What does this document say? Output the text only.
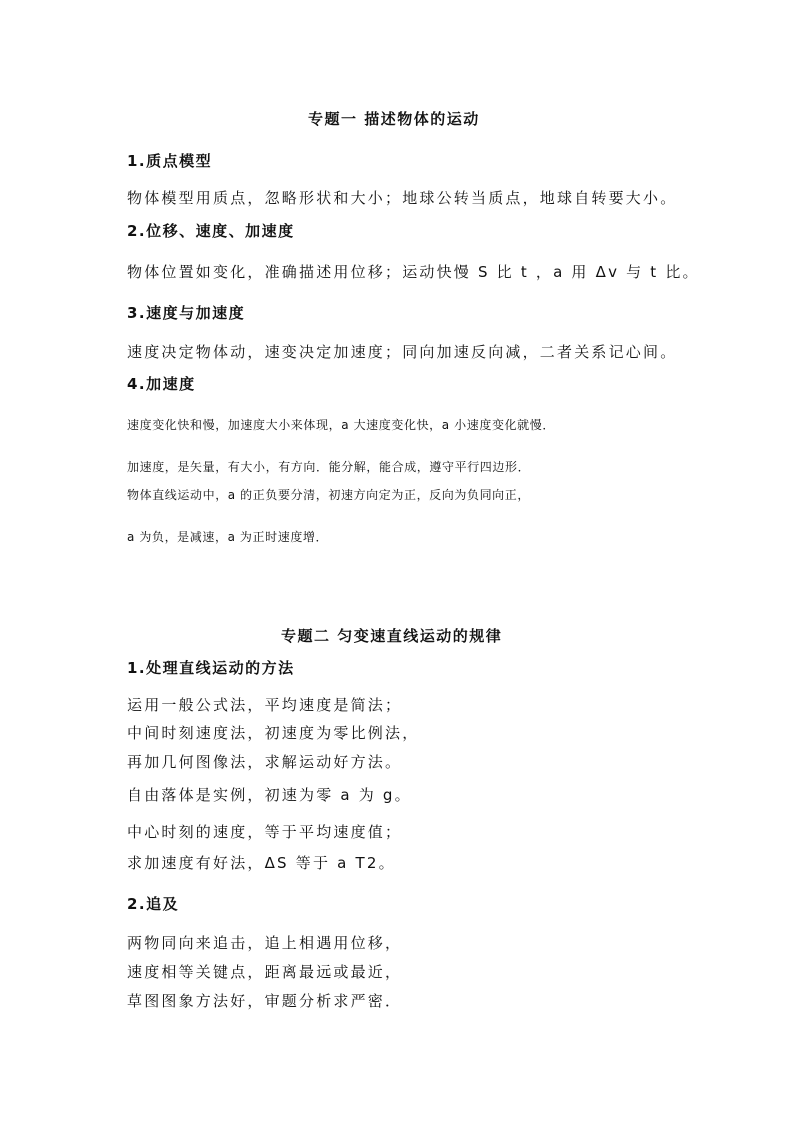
专题一 描述物体的运动
1.质点模型
物体模型用质点，忽略形状和大小；地球公转当质点，地球自转要大小。
2.位移、速度、加速度
物体位置如变化，准确描述用位移；运动快慢 S 比 t ，a 用 Δv 与 t 比。
3.速度与加速度
速度决定物体动，速变决定加速度；同向加速反向减，二者关系记心间。
4.加速度
速度变化快和慢，加速度大小来体现，a 大速度变化快，a 小速度变化就慢．
加速度，是矢量，有大小，有方向．能分解，能合成，遵守平行四边形．
物体直线运动中，a 的正负要分清，初速方向定为正，反向为负同向正，
a 为负，是减速，a 为正时速度增．
专题二 匀变速直线运动的规律
1.处理直线运动的方法
运用一般公式法，平均速度是简法；
中间时刻速度法，初速度为零比例法，
再加几何图像法，求解运动好方法。
自由落体是实例，初速为零 a 为 g。
中心时刻的速度，等于平均速度值；
求加速度有好法，ΔS 等于 a T2。
2.追及
两物同向来追击，追上相遇用位移，
速度相等关键点，距离最远或最近，
草图图象方法好，审题分析求严密．
